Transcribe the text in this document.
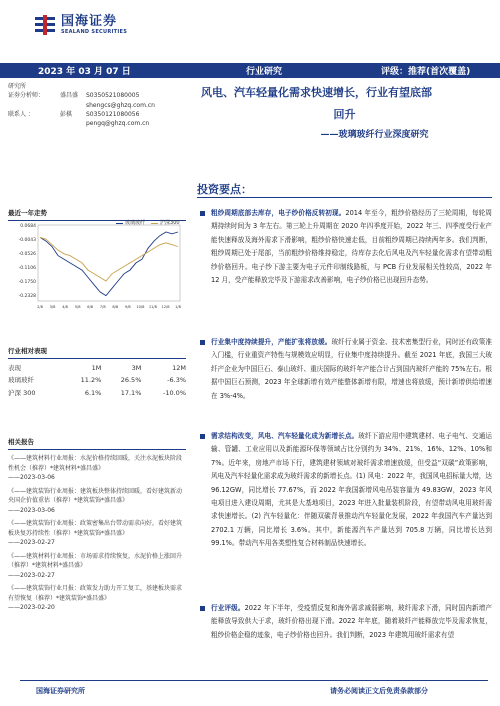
国海证券
SEALAND SECURITIES
2023 年 03 月 07 日	行业研究	评级：推荐(首次覆盖)
研究所
证券分析师：	盛昌盛	S0350521080005
shengcs@ghzq.com.cn
联系人 ：	彭棋	S0350121080056
pengq@ghzq.com.cn
最近一年走势
0.0684
-0.0043
-0.0526
-0.1106
-0.1750
-0.2328
2/8 3/8 4/8 5/8 6/8 7/8 8/8 9/8 10/8 11/8 12/8 1/8
玻璃玻纤	沪深300
行业相对表现
表现	1M	3M	12M
玻璃玻纤	11.2%	26.5%	-6.3%
沪深 300	6.1%	17.1%	-10.0%
相关报告
《——建筑材料行业周报：水泥价格持续回暖，关注水泥板块阶段性机会（推荐）*建筑材料*盛昌盛》
——2023-03-06
《——建筑装饰行业周报：建筑板块整体持续回暖，看好建筑新动央国企价值重估（推荐）*建筑装饰*盛昌盛》
——2023-03-06
《——建筑装饰行业周报：政策密集出台带动需求向好，看好建筑板块复苏持续性（推荐）*建筑装饰*盛昌盛》
——2023-02-27
《——建筑材料行业周报：市场需求持续恢复，水泥价格上涨回升（推荐）*建筑材料*盛昌盛》
——2023-02-27
《——建筑装饰行业月报：政策发力助力开工复工，基建板块需求有望恢复（推荐）*建筑装饰*盛昌盛》
——2023-02-20
风电、汽车轻量化需求快速增长，行业有望底部
回升
——玻璃玻纤行业深度研究
投资要点：
粗纱周期底部去库存，电子纱价格反转初现。2014 年至今，粗纱价格经历了三轮周期，每轮周期持续时间为 3 年左右。第三轮上升周期在 2020 年四季度开始，2022 年三、四季度受行业产能快速释放及海外需求下滑影响，粗纱价格快速走低，目前粗纱周期已持续两年多。我们判断，粗纱周期已处于尾部，当前粗纱价格维持稳定，待库存去化后风电及汽车轻量化需求有望带动粗纱价格回升。电子纱下游主要为电子元件印制线路板，与 PCB 行业发展相关性较高，2022 年 12 月，受产能释放完毕及下游需求改善影响，电子纱价格已出现回升态势。
行业集中度持续提升，产能扩张将放缓。玻纤行业属于资金、技术密集型行业，同时还有政策准入门槛，行业重资产特性与规模效应明显，行业集中度持续提升。截至 2021 年底，我国三大玻纤产企业为中国巨石、泰山玻纤、重庆国际的玻纤年产能合计占到国内玻纤产能的 75%左右。根据中国巨石预测，2023 年全球新增有效产能整体新增有限，增速也将放缓，预计新增供给增速在 3%-4%。
需求结构改变，风电、汽车轻量化成为新增长点。玻纤下游应用中建筑建材、电子电气、交通运输、管罐、工业应用以及新能源环保等领域占比分别约为 34%、21%、16%、12%、10%和 7%。近年来，房地产市场下行，建筑建材领域对玻纤需求增速放缓，但受益“双碳”政策影响，风电及汽车轻量化需求成为玻纤需求的新增长点。(1) 风电：2022 年，我国风电招标量大增，达 96.12GW，同比增长 77.67%，而 2022 年我国新增风电吊装容量为 49.83GW，2023 年风电项目进入建设周期，尤其是大基地项目，2023 年进入批量装机阶段，有望带动风电用玻纤需求快速增长。(2) 汽车轻量化：伴随双碳背景推动汽车轻量化发展，2022 年我国汽车产量达到 2702.1 万辆，同比增长 3.6%。其中，新能源汽车产量达到 705.8 万辆，同比增长达到 99.1%。带动汽车用各类塑性复合材料制品快速增长。
行业评级。2022 年下半年，受疫情反复和海外需求减弱影响，玻纤需求下滑，同时国内新增产能释放导致供大于求，玻纤价格出现下滑。2022 年年底，随着玻纤产能释放完毕及需求恢复，粗纱价格企稳的迹象，电子纱价格也回升。我们判断，2023 年建筑用玻纤需求有望
国海证券研究所	请务必阅读正文后免责条款部分
